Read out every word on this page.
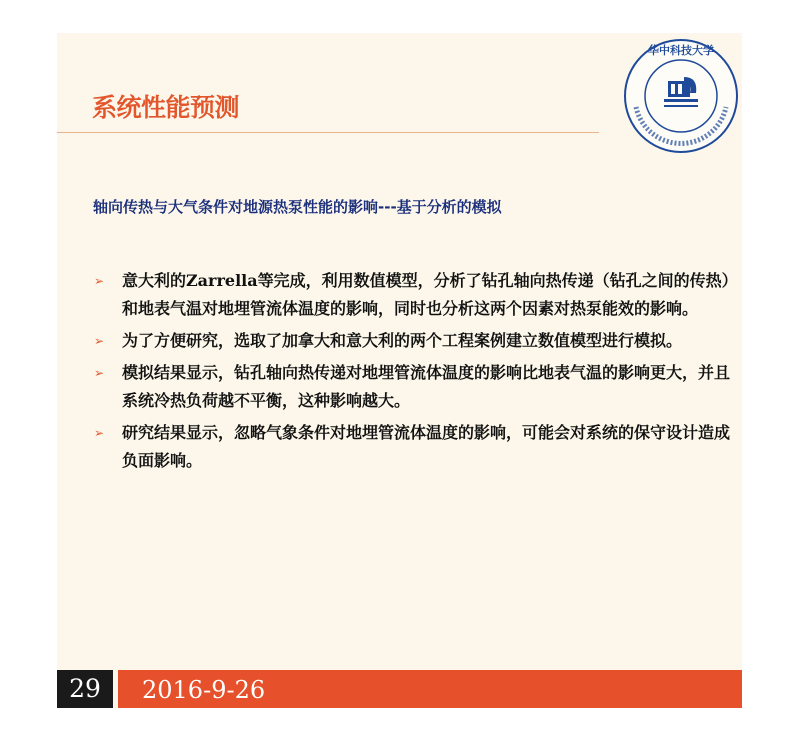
系统性能预测
华中科技大学
轴向传热与大气条件对地源热泵性能的影响---基于分析的模拟
➢ 意大利的Zarrella等完成，利用数值模型，分析了钻孔轴向热传递（钻孔之间的传热）和地表气温对地埋管流体温度的影响，同时也分析这两个因素对热泵能效的影响。
➢ 为了方便研究，选取了加拿大和意大利的两个工程案例建立数值模型进行模拟。
➢ 模拟结果显示，钻孔轴向热传递对地埋管流体温度的影响比地表气温的影响更大，并且系统冷热负荷越不平衡，这种影响越大。
➢ 研究结果显示，忽略气象条件对地埋管流体温度的影响，可能会对系统的保守设计造成负面影响。
29	2016-9-26
